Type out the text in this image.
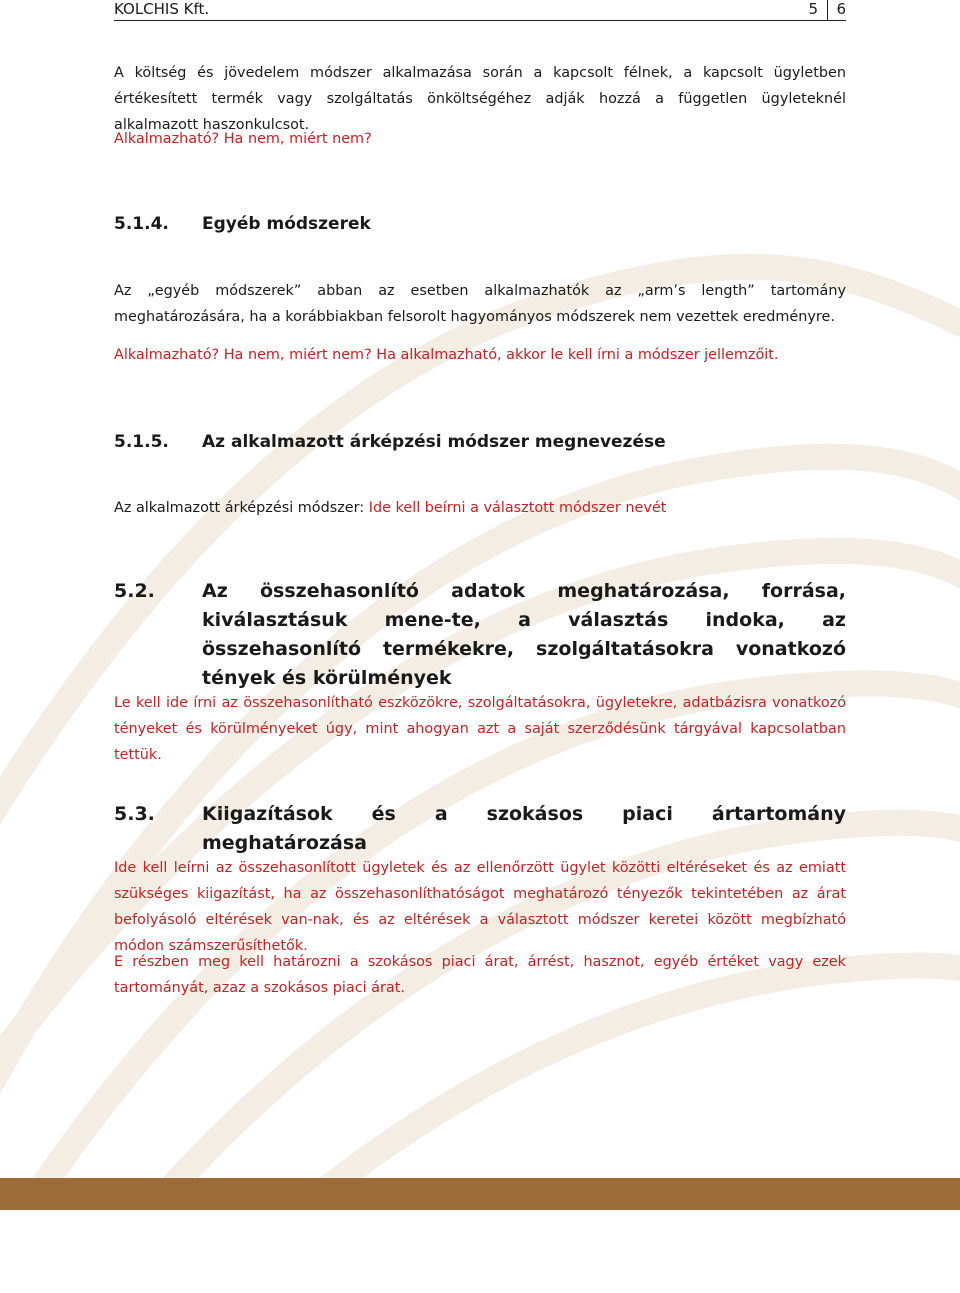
KOLCHIS Kft.	5 6

A költség és jövedelem módszer alkalmazása során a kapcsolt félnek, a kapcsolt ügyletben értékesített termék vagy szolgáltatás önköltségéhez adják hozzá a független ügyleteknél alkalmazott haszonkulcsot.

Alkalmazható? Ha nem, miért nem?

5.1.4. Egyéb módszerek

Az „egyéb módszerek” abban az esetben alkalmazhatók az „arm’s length” tartomány meghatározására, ha a korábbiakban felsorolt hagyományos módszerek nem vezettek eredményre.

Alkalmazható? Ha nem, miért nem? Ha alkalmazható, akkor le kell írni a módszer jellemzőit.

5.1.5. Az alkalmazott árképzési módszer megnevezése

Az alkalmazott árképzési módszer: Ide kell beírni a választott módszer nevét

5.2. Az összehasonlító adatok meghatározása, forrása, kiválasztásuk mene-te, a választás indoka, az összehasonlító termékekre, szolgáltatásokra vonatkozó tények és körülmények

Le kell ide írni az összehasonlítható eszközökre, szolgáltatásokra, ügyletekre, adatbázisra vonatkozó tényeket és körülményeket úgy, mint ahogyan azt a saját szerződésünk tárgyával kapcsolatban tettük.

5.3. Kiigazítások és a szokásos piaci ártartomány meghatározása

Ide kell leírni az összehasonlított ügyletek és az ellenőrzött ügylet közötti eltéréseket és az emiatt szükséges kiigazítást, ha az összehasonlíthatóságot meghatározó tényezők tekintetében az árat befolyásoló eltérések van-nak, és az eltérések a választott módszer keretei között megbízható módon számszerűsíthetők.

E részben meg kell határozni a szokásos piaci árat, árrést, hasznot, egyéb értéket vagy ezek tartományát, azaz a szokásos piaci árat.
